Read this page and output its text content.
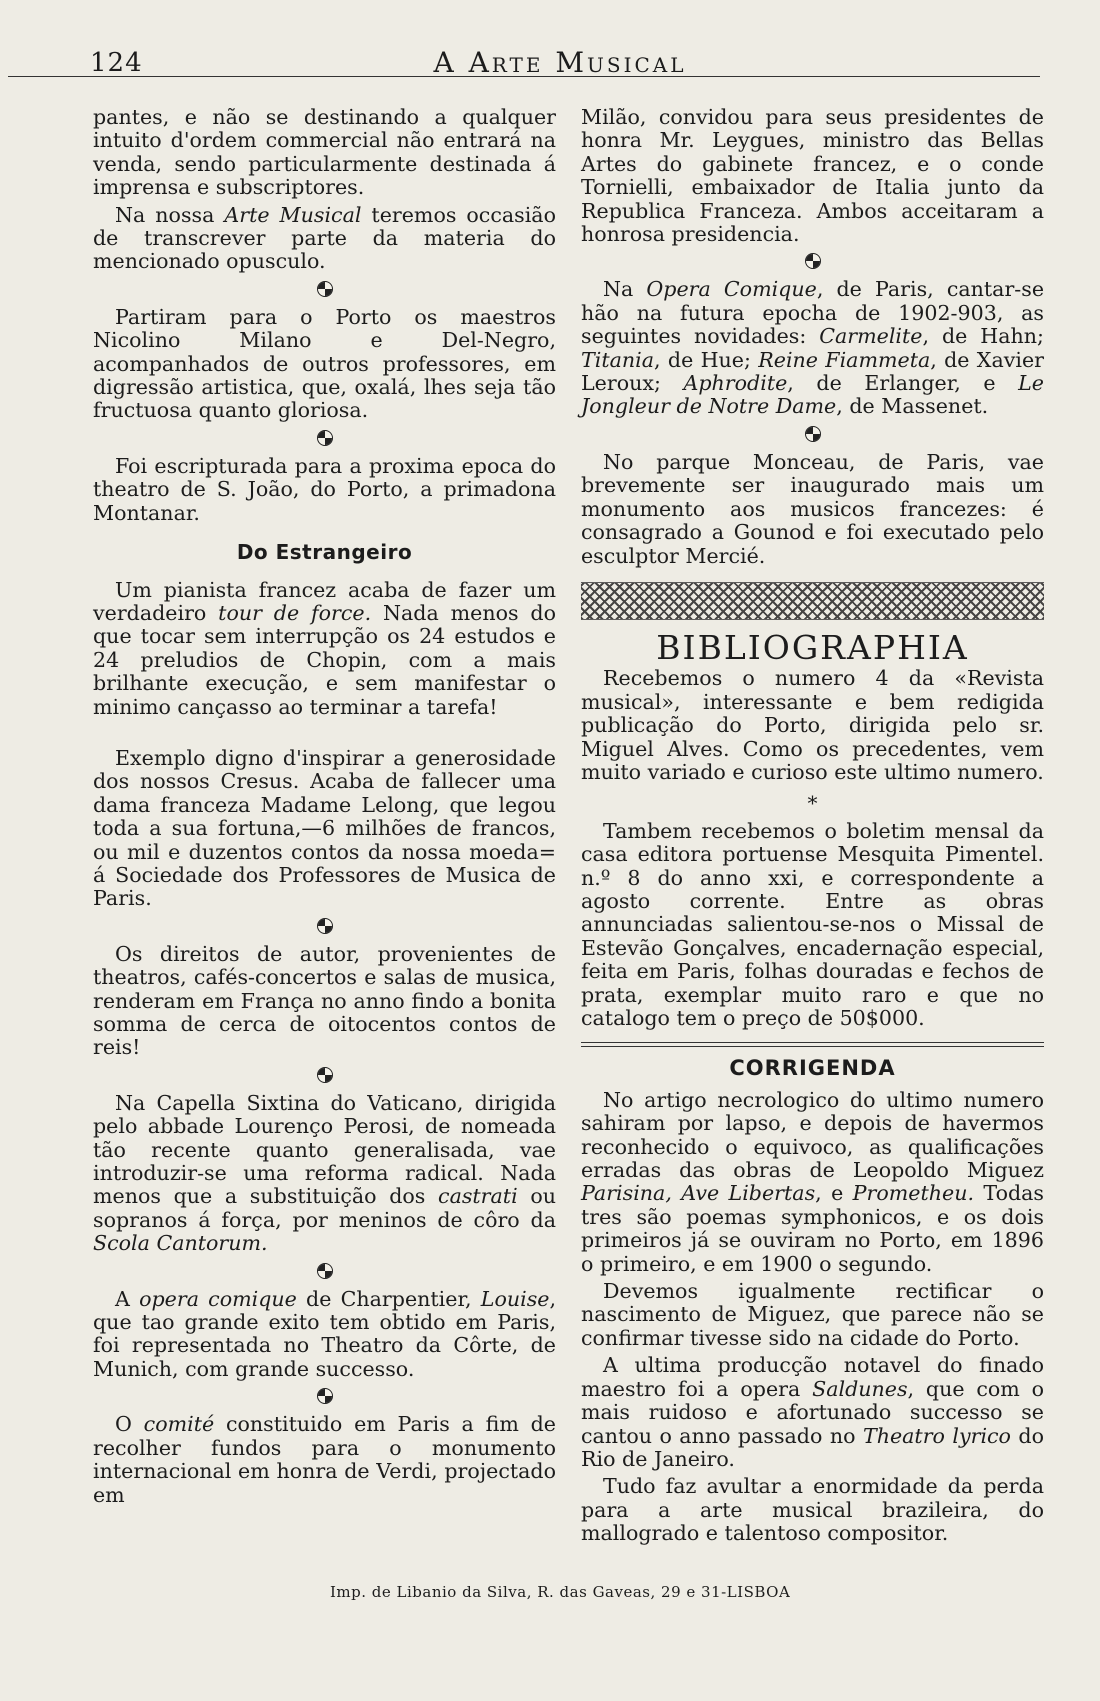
124	A Arte Musical

pantes, e não se destinando a qualquer intuito d'ordem commercial não entrará na venda, sendo particularmente destinada á imprensa e subscriptores.

Na nossa Arte Musical teremos occasião de transcrever parte da materia do mencionado opusculo.

Partiram para o Porto os maestros Nicolino Milano e Del-Negro, acompanhados de outros professores, em digressão artistica, que, oxalá, lhes seja tão fructuosa quanto gloriosa.

Foi escripturada para a proxima epoca do theatro de S. João, do Porto, a primadona Montanar.

Do Estrangeiro

Um pianista francez acaba de fazer um verdadeiro tour de force. Nada menos do que tocar sem interrupção os 24 estudos e 24 preludios de Chopin, com a mais brilhante execução, e sem manifestar o minimo cançasso ao terminar a tarefa!

Exemplo digno d'inspirar a generosidade dos nossos Cresus. Acaba de fallecer uma dama franceza Madame Lelong, que legou toda a sua fortuna,—6 milhões de francos, ou mil e duzentos contos da nossa moeda= á Sociedade dos Professores de Musica de Paris.

Os direitos de autor, provenientes de theatros, cafés-concertos e salas de musica, renderam em França no anno findo a bonita somma de cerca de oitocentos contos de reis!

Na Capella Sixtina do Vaticano, dirigida pelo abbade Lourenço Perosi, de nomeada tão recente quanto generalisada, vae introduzir-se uma reforma radical. Nada menos que a substituição dos castrati ou sopranos á força, por meninos de côro da Scola Cantorum.

A opera comique de Charpentier, Louise, que tao grande exito tem obtido em Paris, foi representada no Theatro da Côrte, de Munich, com grande successo.

O comité constituido em Paris a fim de recolher fundos para o monumento internacional em honra de Verdi, projectado em

Milão, convidou para seus presidentes de honra Mr. Leygues, ministro das Bellas Artes do gabinete francez, e o conde Tornielli, embaixador de Italia junto da Republica Franceza. Ambos acceitaram a honrosa presidencia.

Na Opera Comique, de Paris, cantar-se hão na futura epocha de 1902-903, as seguintes novidades: Carmelite, de Hahn; Titania, de Hue; Reine Fiammeta, de Xavier Leroux; Aphrodite, de Erlanger, e Le Jongleur de Notre Dame, de Massenet.

No parque Monceau, de Paris, vae brevemente ser inaugurado mais um monumento aos musicos francezes: é consagrado a Gounod e foi executado pelo esculptor Mercié.

BIBLIOGRAPHIA

Recebemos o numero 4 da «Revista musical», interessante e bem redigida publicação do Porto, dirigida pelo sr. Miguel Alves. Como os precedentes, vem muito variado e curioso este ultimo numero.

*

Tambem recebemos o boletim mensal da casa editora portuense Mesquita Pimentel. n.º 8 do anno xxi, e correspondente a agosto corrente. Entre as obras annunciadas salientou-se-nos o Missal de Estevão Gonçalves, encadernação especial, feita em Paris, folhas douradas e fechos de prata, exemplar muito raro e que no catalogo tem o preço de 50$000.

CORRIGENDA

No artigo necrologico do ultimo numero sahiram por lapso, e depois de havermos reconhecido o equivoco, as qualificações erradas das obras de Leopoldo Miguez Parisina, Ave Libertas, e Prometheu. Todas tres são poemas symphonicos, e os dois primeiros já se ouviram no Porto, em 1896 o primeiro, e em 1900 o segundo.

Devemos igualmente rectificar o nascimento de Miguez, que parece não se confirmar tivesse sido na cidade do Porto.

A ultima producção notavel do finado maestro foi a opera Saldunes, que com o mais ruidoso e afortunado successo se cantou o anno passado no Theatro lyrico do Rio de Janeiro.

Tudo faz avultar a enormidade da perda para a arte musical brazileira, do mallogrado e talentoso compositor.

Imp. de Libanio da Silva, R. das Gaveas, 29 e 31-LISBOA
